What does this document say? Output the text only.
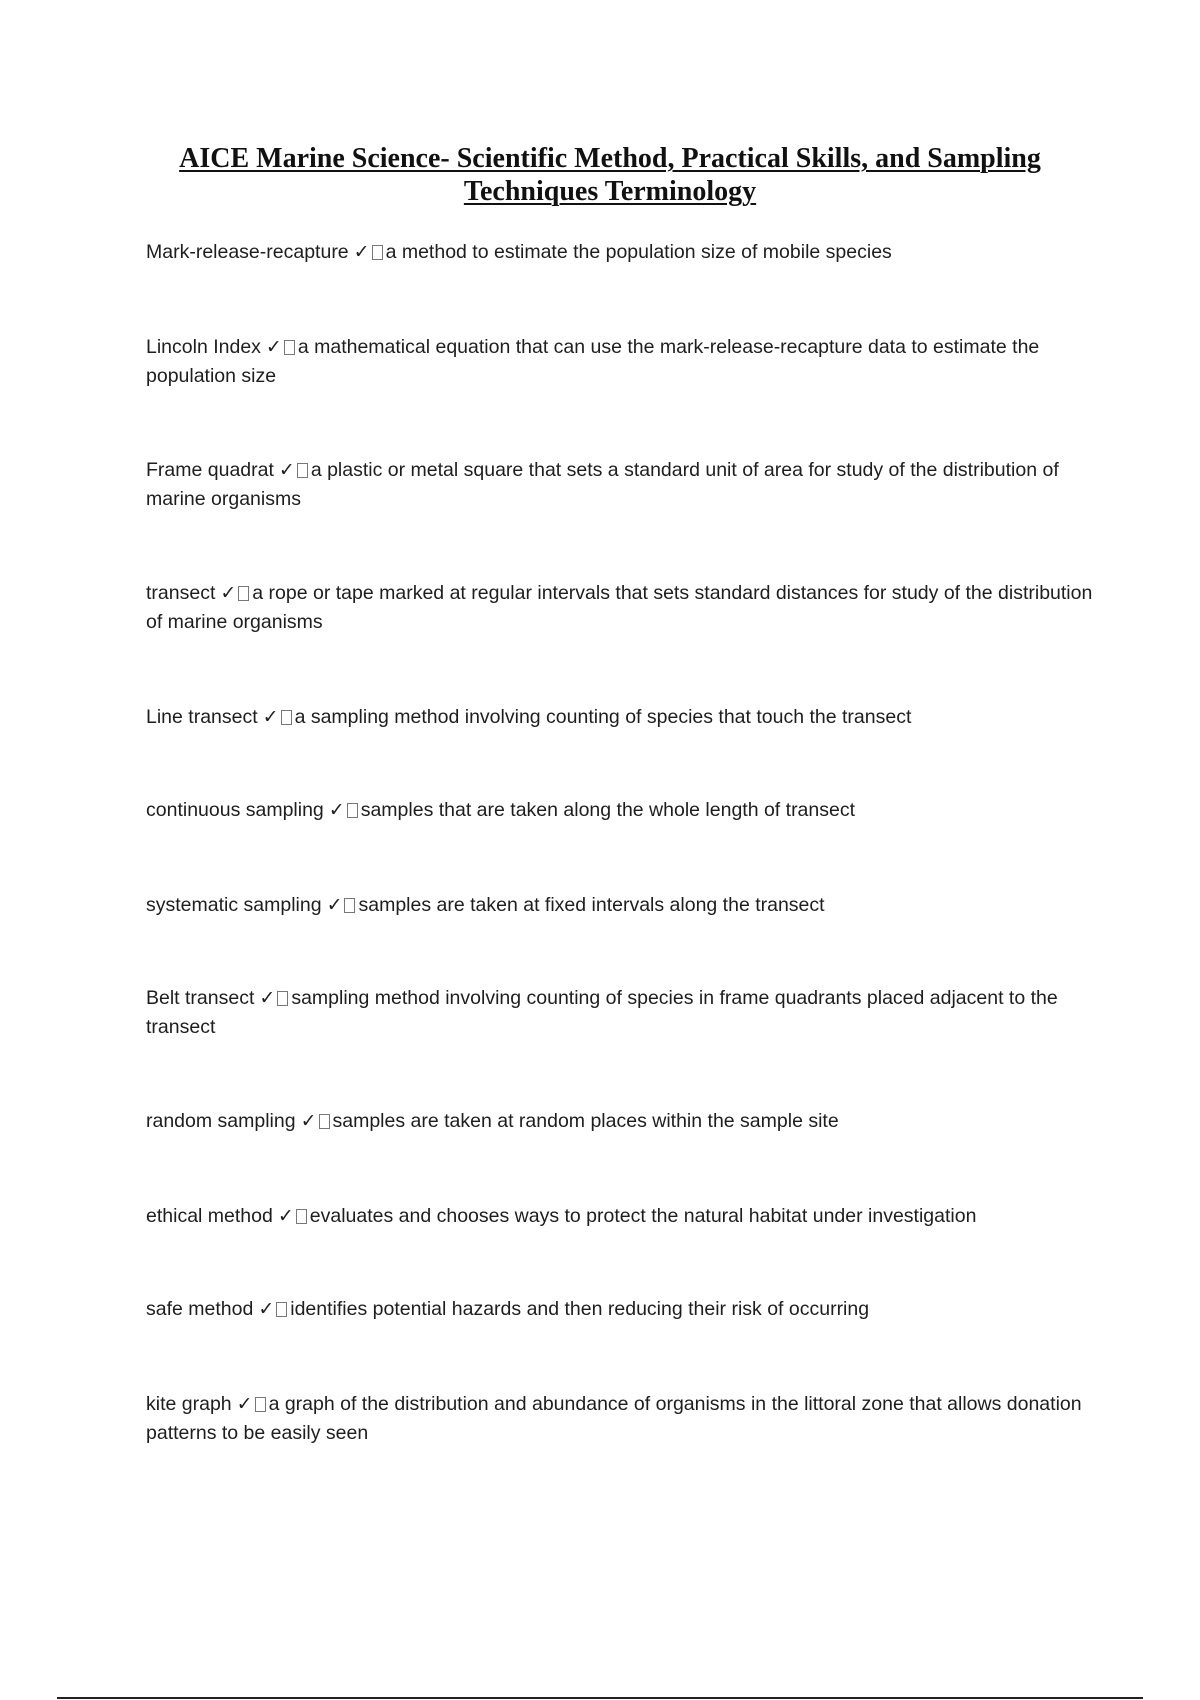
AICE Marine Science- Scientific Method, Practical Skills, and Sampling Techniques Terminology
Mark-release-recapture ✓ a method to estimate the population size of mobile species
Lincoln Index ✓ a mathematical equation that can use the mark-release-recapture data to estimate the population size
Frame quadrat ✓ a plastic or metal square that sets a standard unit of area for study of the distribution of marine organisms
transect ✓ a rope or tape marked at regular intervals that sets standard distances for study of the distribution of marine organisms
Line transect ✓ a sampling method involving counting of species that touch the transect
continuous sampling ✓ samples that are taken along the whole length of transect
systematic sampling ✓ samples are taken at fixed intervals along the transect
Belt transect ✓ sampling method involving counting of species in frame quadrants placed adjacent to the transect
random sampling ✓ samples are taken at random places within the sample site
ethical method ✓ evaluates and chooses ways to protect the natural habitat under investigation
safe method ✓ identifies potential hazards and then reducing their risk of occurring
kite graph ✓ a graph of the distribution and abundance of organisms in the littoral zone that allows donation patterns to be easily seen
